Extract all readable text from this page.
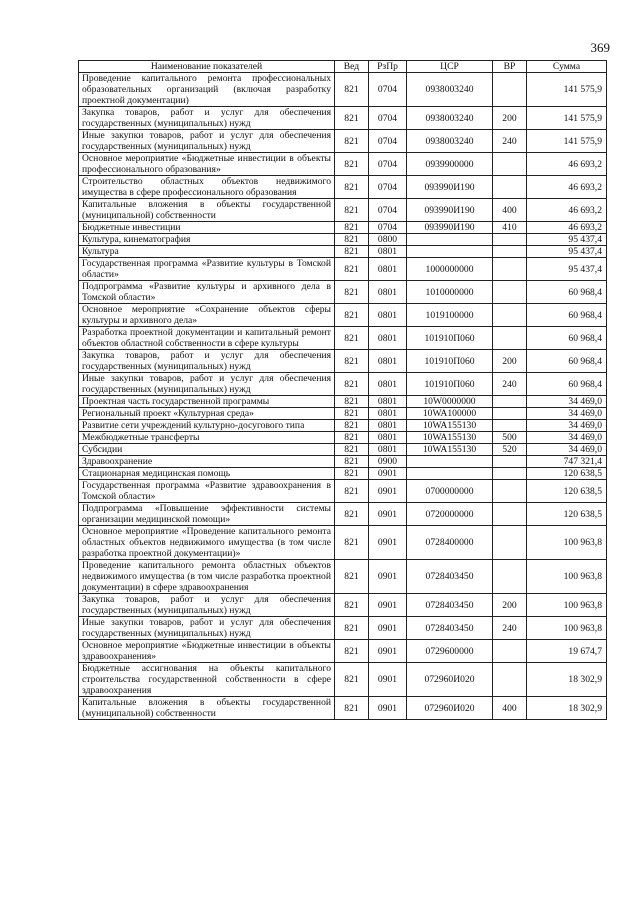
369
Наименование показателей	Вед	РзПр	ЦСР	ВР	Сумма
Проведение капитального ремонта профессиональных образовательных организаций (включая разработку проектной документации)	821	0704	0938003240		141 575,9
Закупка товаров, работ и услуг для обеспечения государственных (муниципальных) нужд	821	0704	0938003240	200	141 575,9
Иные закупки товаров, работ и услуг для обеспечения государственных (муниципальных) нужд	821	0704	0938003240	240	141 575,9
Основное мероприятие «Бюджетные инвестиции в объекты профессионального образования»	821	0704	0939900000		46 693,2
Строительство областных объектов недвижимого имущества в сфере профессионального образования	821	0704	093990И190		46 693,2
Капитальные вложения в объекты государственной (муниципальной) собственности	821	0704	093990И190	400	46 693,2
Бюджетные инвестиции	821	0704	093990И190	410	46 693,2
Культура, кинематография	821	0800			95 437,4
Культура	821	0801			95 437,4
Государственная программа «Развитие культуры в Томской области»	821	0801	1000000000		95 437,4
Подпрограмма «Развитие культуры и архивного дела в Томской области»	821	0801	1010000000		60 968,4
Основное мероприятие «Сохранение объектов сферы культуры и архивного дела»	821	0801	1019100000		60 968,4
Разработка проектной документации и капитальный ремонт объектов областной собственности в сфере культуры	821	0801	101910П060		60 968,4
Закупка товаров, работ и услуг для обеспечения государственных (муниципальных) нужд	821	0801	101910П060	200	60 968,4
Иные закупки товаров, работ и услуг для обеспечения государственных (муниципальных) нужд	821	0801	101910П060	240	60 968,4
Проектная часть государственной программы	821	0801	10W0000000		34 469,0
Региональный проект «Культурная среда»	821	0801	10WA100000		34 469,0
Развитие сети учреждений культурно-досугового типа	821	0801	10WA155130		34 469,0
Межбюджетные трансферты	821	0801	10WA155130	500	34 469,0
Субсидии	821	0801	10WA155130	520	34 469,0
Здравоохранение	821	0900			747 321,4
Стационарная медицинская помощь	821	0901			120 638,5
Государственная программа «Развитие здравоохранения в Томской области»	821	0901	0700000000		120 638,5
Подпрограмма «Повышение эффективности системы организации медицинской помощи»	821	0901	0720000000		120 638,5
Основное мероприятие «Проведение капитального ремонта областных объектов недвижимого имущества (в том числе разработка проектной документации)»	821	0901	0728400000		100 963,8
Проведение капитального ремонта областных объектов недвижимого имущества (в том числе разработка проектной документации) в сфере здравоохранения	821	0901	0728403450		100 963,8
Закупка товаров, работ и услуг для обеспечения государственных (муниципальных) нужд	821	0901	0728403450	200	100 963,8
Иные закупки товаров, работ и услуг для обеспечения государственных (муниципальных) нужд	821	0901	0728403450	240	100 963,8
Основное мероприятие «Бюджетные инвестиции в объекты здравоохранения»	821	0901	0729600000		19 674,7
Бюджетные ассигнования на объекты капитального строительства государственной собственности в сфере здравоохранения	821	0901	072960И020		18 302,9
Капитальные вложения в объекты государственной (муниципальной) собственности	821	0901	072960И020	400	18 302,9
